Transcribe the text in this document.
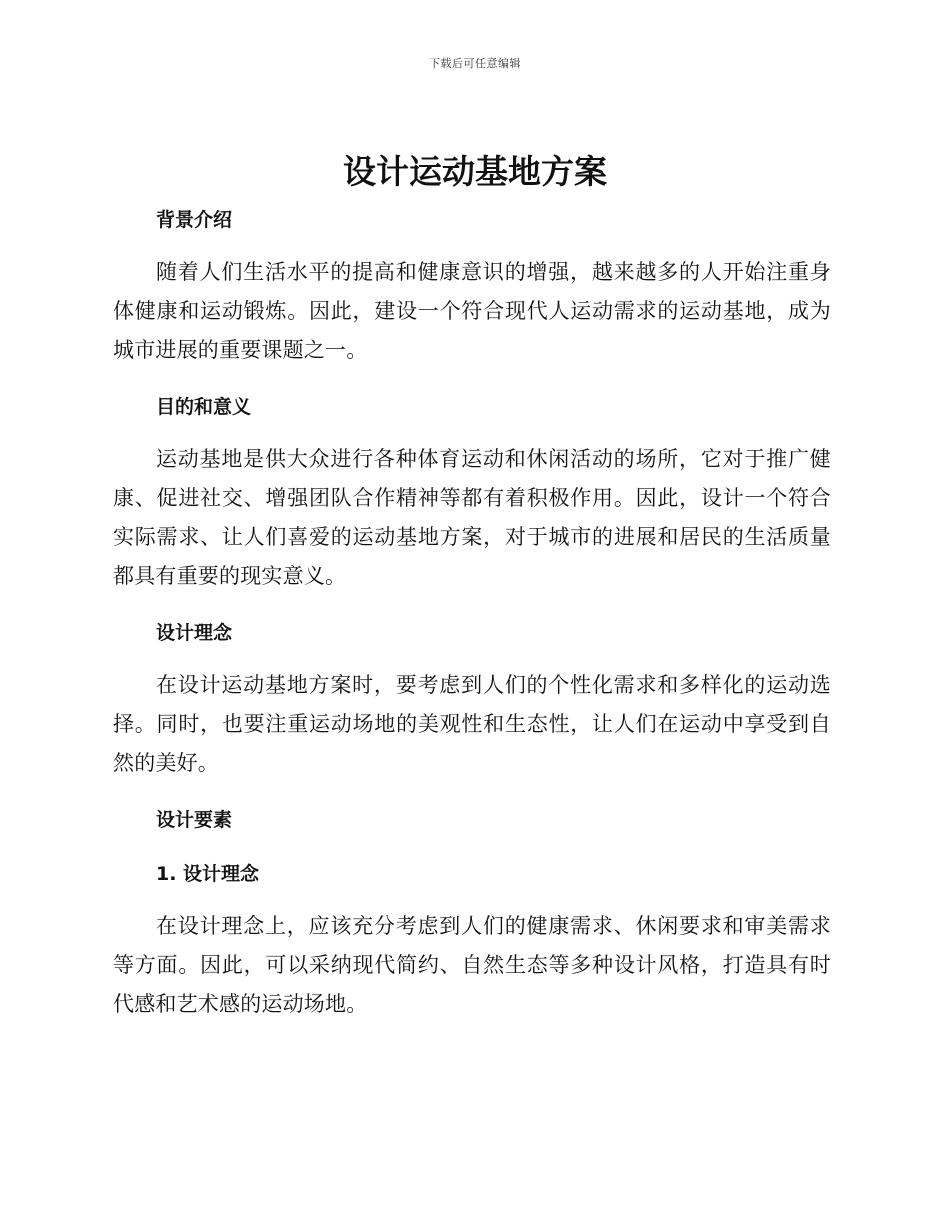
下载后可任意编辑
设计运动基地方案
背景介绍

随着人们生活水平的提高和健康意识的增强，越来越多的人开始注重身体健康和运动锻炼。因此，建设一个符合现代人运动需求的运动基地，成为城市进展的重要课题之一。

目的和意义

运动基地是供大众进行各种体育运动和休闲活动的场所，它对于推广健康、促进社交、增强团队合作精神等都有着积极作用。因此，设计一个符合实际需求、让人们喜爱的运动基地方案，对于城市的进展和居民的生活质量都具有重要的现实意义。

设计理念

在设计运动基地方案时，要考虑到人们的个性化需求和多样化的运动选择。同时，也要注重运动场地的美观性和生态性，让人们在运动中享受到自然的美好。

设计要素
1. 设计理念

在设计理念上，应该充分考虑到人们的健康需求、休闲要求和审美需求等方面。因此，可以采纳现代简约、自然生态等多种设计风格，打造具有时代感和艺术感的运动场地。
